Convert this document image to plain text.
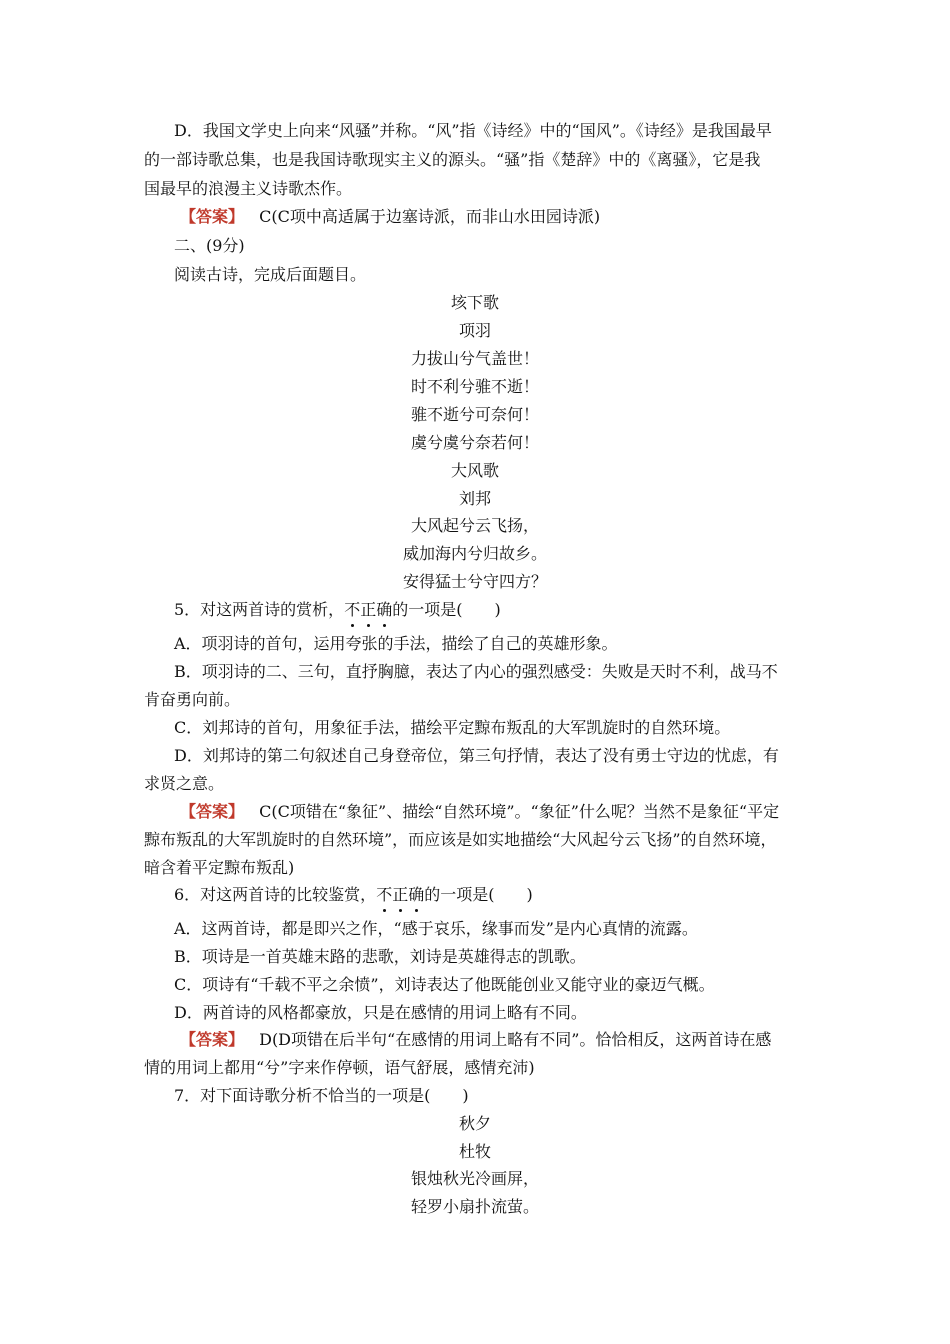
D．我国文学史上向来“风骚”并称。“风”指《诗经》中的“国风”。《诗经》是我国最早
的一部诗歌总集，也是我国诗歌现实主义的源头。“骚”指《楚辞》中的《离骚》，它是我
国最早的浪漫主义诗歌杰作。
【答案】 C(C项中高适属于边塞诗派，而非山水田园诗派)
二、(9分)
阅读古诗，完成后面题目。
垓下歌
项羽
力拔山兮气盖世！
时不利兮骓不逝！
骓不逝兮可奈何！
虞兮虞兮奈若何！
大风歌
刘邦
大风起兮云飞扬，
威加海内兮归故乡。
安得猛士兮守四方？
5．对这两首诗的赏析，不正确的一项是(　　)
A．项羽诗的首句，运用夸张的手法，描绘了自己的英雄形象。
B．项羽诗的二、三句，直抒胸臆，表达了内心的强烈感受：失败是天时不利，战马不
肯奋勇向前。
C．刘邦诗的首句，用象征手法，描绘平定黥布叛乱的大军凯旋时的自然环境。
D．刘邦诗的第二句叙述自己身登帝位，第三句抒情，表达了没有勇士守边的忧虑，有
求贤之意。
【答案】 C(C项错在“象征”、描绘“自然环境”。“象征”什么呢？当然不是象征“平定
黥布叛乱的大军凯旋时的自然环境”，而应该是如实地描绘“大风起兮云飞扬”的自然环境，
暗含着平定黥布叛乱)
6．对这两首诗的比较鉴赏，不正确的一项是(　　)
A．这两首诗，都是即兴之作，“感于哀乐，缘事而发”是内心真情的流露。
B．项诗是一首英雄末路的悲歌，刘诗是英雄得志的凯歌。
C．项诗有“千载不平之余愤”，刘诗表达了他既能创业又能守业的豪迈气概。
D．两首诗的风格都豪放，只是在感情的用词上略有不同。
【答案】 D(D项错在后半句“在感情的用词上略有不同”。恰恰相反，这两首诗在感
情的用词上都用“兮”字来作停顿，语气舒展，感情充沛)
7．对下面诗歌分析不恰当的一项是(　　)
秋夕
杜牧
银烛秋光冷画屏，
轻罗小扇扑流萤。
